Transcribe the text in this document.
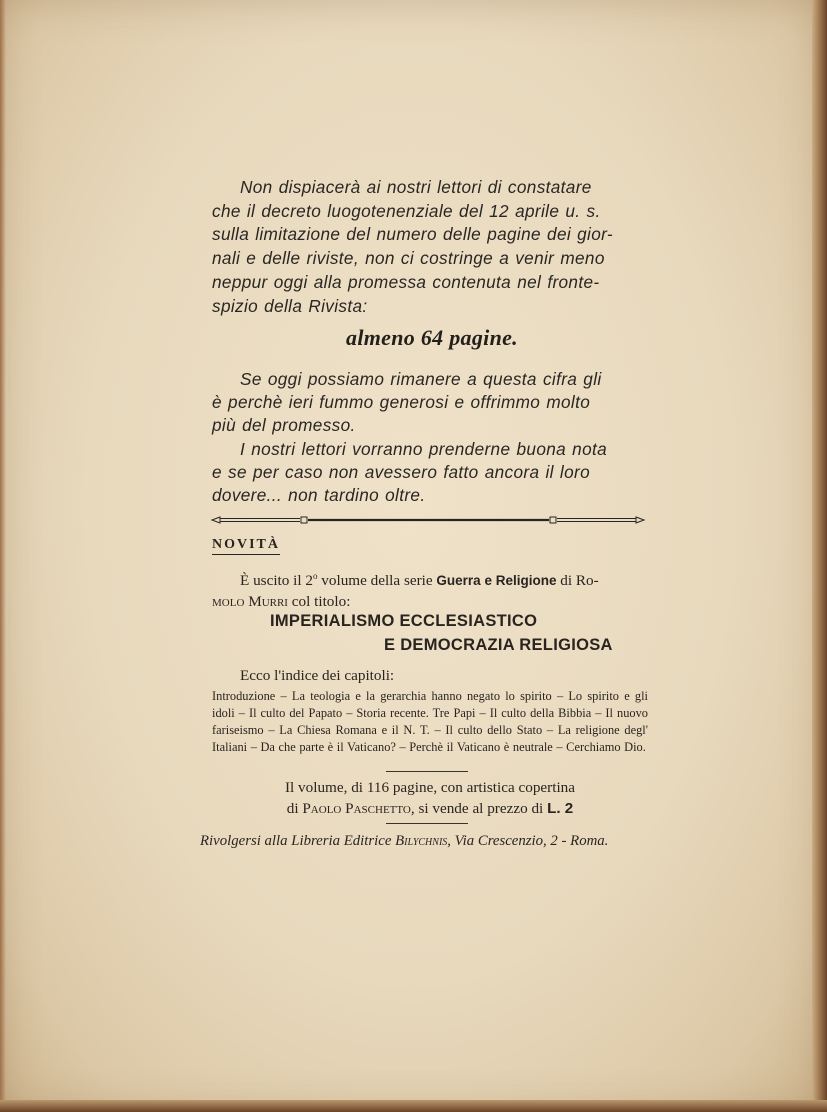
Non dispiacerà ai nostri lettori di constatare
che il decreto luogotenenziale del 12 aprile u. s.
sulla limitazione del numero delle pagine dei gior-
nali e delle riviste, non ci costringe a venir meno
neppur oggi alla promessa contenuta nel fronte-
spizio della Rivista:
almeno 64 pagine.
Se oggi possiamo rimanere a questa cifra gli
è perchè ieri fummo generosi e offrimmo molto
più del promesso.
I nostri lettori vorranno prenderne buona nota
e se per caso non avessero fatto ancora il loro
dovere... non tardino oltre.
NOVITÀ
È uscito il 2$^o$ volume della serie Guerra e Religione di Ro-
molo Murri col titolo:
IMPERIALISMO ECCLESIASTICO
E DEMOCRAZIA RELIGIOSA
Ecco l'indice dei capitoli:
Introduzione – La teologia e la gerarchia hanno negato lo spirito – Lo spirito e gli idoli – Il culto del Papato – Storia recente. Tre Papi – Il culto della Bibbia – Il nuovo fariseismo – La Chiesa Romana e il N. T. – Il culto dello Stato – La religione degl' Italiani – Da che parte è il Vaticano? – Perchè il Vaticano è neutrale – Cerchiamo Dio.
Il volume, di 116 pagine, con artistica copertina
di Paolo Paschetto, si vende al prezzo di L. 2
Rivolgersi alla Libreria Editrice Bilychnis, Via Crescenzio, 2 - Roma.
